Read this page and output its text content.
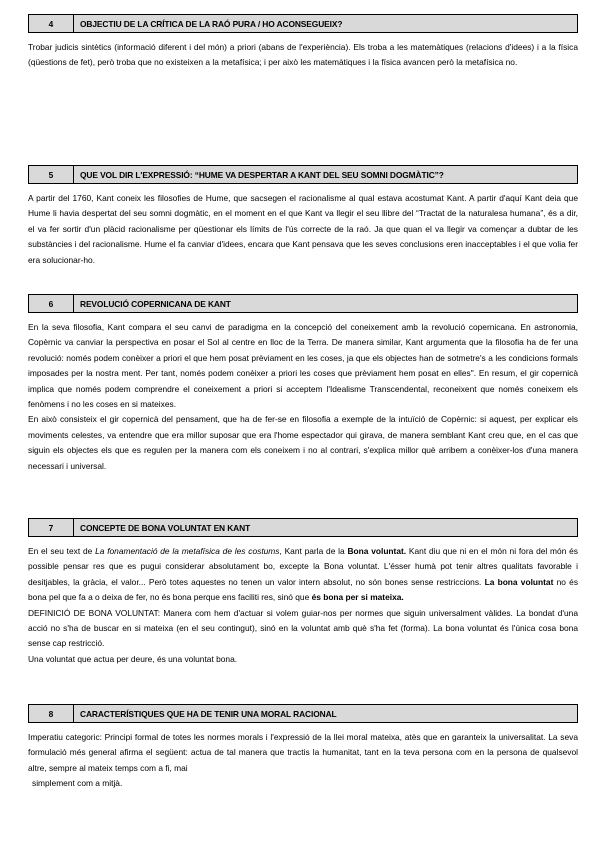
4	OBJECTIU DE LA CRÍTICA DE LA RAÓ PURA / HO ACONSEGUEIX?

Trobar judicis sintètics (informació diferent i del món) a priori (abans de l'experiència). Els troba a les matemàtiques (relacions d'idees) i a la física (qüestions de fet), però troba que no existeixen a la metafísica; i per això les matemàtiques i la física avancen però la metafísica no.

5	QUE VOL DIR L'EXPRESSIÓ: “HUME VA DESPERTAR A KANT DEL SEU SOMNI DOGMÀTIC”?

A partir del 1760, Kant coneix les filosofies de Hume, que sacsegen el racionalisme al qual estava acostumat Kant. A partir d'aquí Kant deia que Hume li havia despertat del seu somni dogmàtic, en el moment en el que Kant va llegir el seu llibre del “Tractat de la naturalesa humana”, és a dir, el va fer sortir d'un plàcid racionalisme per qüestionar els límits de l'ús correcte de la raó. Ja que quan el va llegir va començar a dubtar de les substàncies i del racionalisme. Hume el fa canviar d'idees, encara que Kant pensava que les seves conclusions eren inacceptables i el que volia fer era solucionar-ho.

6	REVOLUCIÓ COPERNICANA DE KANT

En la seva filosofia, Kant compara el seu canvi de paradigma en la concepció del coneixement amb la revolució copernicana. En astronomia, Copèrnic va canviar la perspectiva en posar el Sol al centre en lloc de la Terra. De manera similar, Kant argumenta que la filosofia ha de fer una revolució: només podem conèixer a priori el que hem posat prèviament en les coses, ja que els objectes han de sotmetre's a les condicions formals imposades per la nostra ment. Per tant, només podem conèixer a priori les coses que prèviament hem posat en elles". En resum, el gir copernicà implica que només podem comprendre el coneixement a priori si acceptem l'Idealisme Transcendental, reconeixent que només coneixem els fenòmens i no les coses en si mateixes.

En això consisteix el gir copernicà del pensament, que ha de fer-se en filosofia a exemple de la intuïció de Copèrnic: si aquest, per explicar els moviments celestes, va entendre que era millor suposar que era l'home espectador qui girava, de manera semblant Kant creu que, en el cas que siguin els objectes els que es regulen per la manera com els coneixem i no al contrari, s'explica millor què arribem a conèixer-los d'una manera necessari i universal.

7	CONCEPTE DE BONA VOLUNTAT EN KANT

En el seu text de La fonamentació de la metafísica de les costums, Kant parla de la Bona voluntat. Kant diu que ni en el món ni fora del món és possible pensar res que es pugui considerar absolutament bo, excepte la Bona voluntat. L'ésser humà pot tenir altres qualitats favorable i desitjables, la gràcia, el valor... Però totes aquestes no tenen un valor intern absolut, no són bones sense restriccions. La bona voluntat no és bona pel que fa a o deixa de fer, no és bona perque ens faciliti res, sinó que és bona per si mateixa.

DEFINICIÓ DE BONA VOLUNTAT: Manera com hem d'actuar si volem guiar-nos per normes que siguin universalment vàlides. La bondat d'una acció no s'ha de buscar en si mateixa (en el seu contingut), sinó en la voluntat amb què s'ha fet (forma). La bona voluntat és l'única cosa bona sense cap restricció.

Una voluntat que actua per deure, és una voluntat bona.

8	CARACTERÍSTIQUES QUE HA DE TENIR UNA MORAL RACIONAL

Imperatiu categoric: Principi formal de totes les normes morals i l'expressió de la llei moral mateixa, atès que en garanteix la universalitat. La seva formulació més general afirma el següent: actua de tal manera que tractis la humanitat, tant en la teva persona com en la persona de qualsevol altre, sempre al mateix temps com a fi, mai

simplement com a mitjà.
